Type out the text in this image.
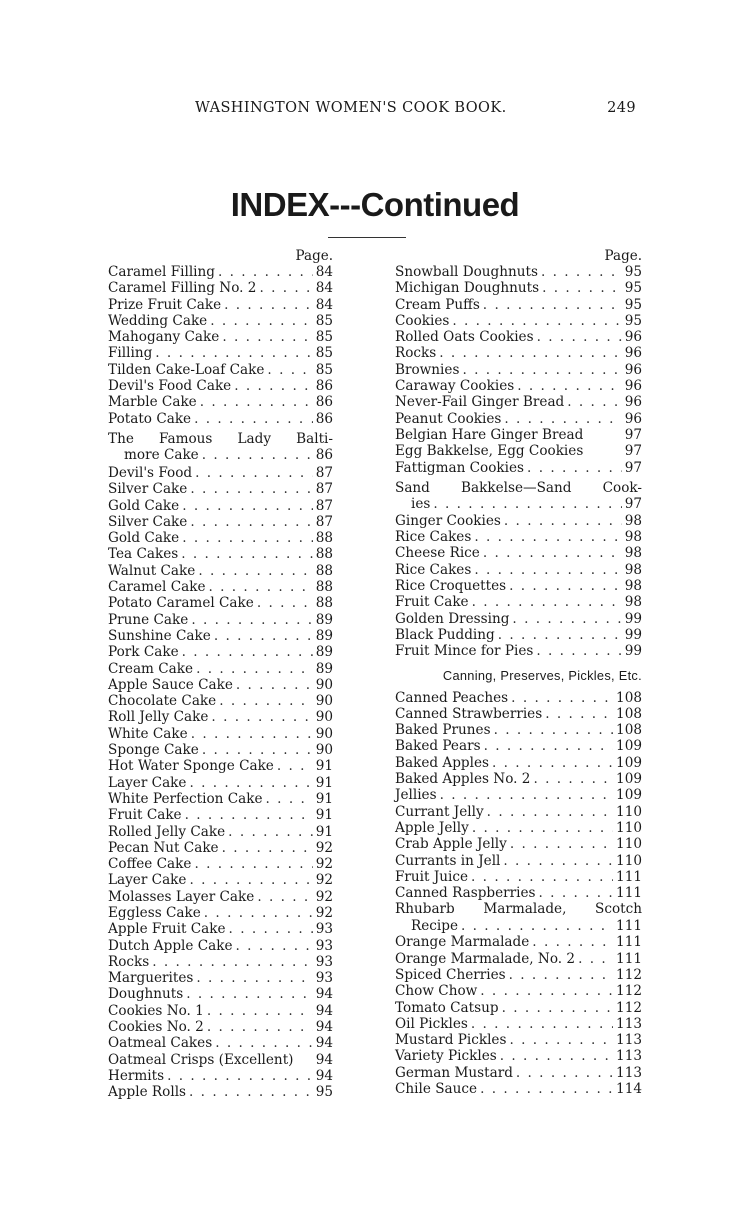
WASHINGTON WOMEN'S COOK BOOK.	249
INDEX---Continued
Page.
Caramel Filling . . .	84
Caramel Filling No. 2 . . .	84
Prize Fruit Cake . . .	84
Wedding Cake . . .	85
Mahogany Cake . . .	85
Filling . . .	85
Tilden Cake-Loaf Cake . . .	85
Devil's Food Cake . . .	86
Marble Cake . . .	86
Potato Cake . . .	86
The Famous Lady Balti-
more Cake . . .	86
Devil's Food . . .	87
Silver Cake . . .	87
Gold Cake . . .	87
Silver Cake . . .	87
Gold Cake . . .	88
Tea Cakes . . .	88
Walnut Cake . . .	88
Caramel Cake . . .	88
Potato Caramel Cake . . .	88
Prune Cake . . .	89
Sunshine Cake . . .	89
Pork Cake . . .	89
Cream Cake . . .	89
Apple Sauce Cake . . .	90
Chocolate Cake . . .	90
Roll Jelly Cake . . .	90
White Cake . . .	90
Sponge Cake . . .	90
Hot Water Sponge Cake . . .	91
Layer Cake . . .	91
White Perfection Cake . . .	91
Fruit Cake . . .	91
Rolled Jelly Cake . . .	91
Pecan Nut Cake . . .	92
Coffee Cake . . .	92
Layer Cake . . .	92
Molasses Layer Cake . . .	92
Eggless Cake . . .	92
Apple Fruit Cake . . .	93
Dutch Apple Cake . . .	93
Rocks . . .	93
Marguerites . . .	93
Doughnuts . . .	94
Cookies No. 1 . . .	94
Cookies No. 2 . . .	94
Oatmeal Cakes . . .	94
Oatmeal Crisps (Excellent) 94
Hermits . . .	94
Apple Rolls . . .	95
Page.
Snowball Doughnuts . . .	95
Michigan Doughnuts . . .	95
Cream Puffs . . .	95
Cookies . . .	95
Rolled Oats Cookies . . .	96
Rocks . . .	96
Brownies . . .	96
Caraway Cookies . . .	96
Never-Fail Ginger Bread . . .	96
Peanut Cookies . . .	96
Belgian Hare Ginger Bread	97
Egg Bakkelse, Egg Cookies	97
Fattigman Cookies . . .	97
Sand Bakkelse—Sand Cook-
ies . . .	97
Ginger Cookies . . .	98
Rice Cakes . . .	98
Cheese Rice . . .	98
Rice Cakes . . .	98
Rice Croquettes . . .	98
Fruit Cake . . .	98
Golden Dressing . . .	99
Black Pudding . . .	99
Fruit Mince for Pies . . .	99
Canning, Preserves, Pickles, Etc.
Canned Peaches . . .	108
Canned Strawberries . . .	108
Baked Prunes . . .	108
Baked Pears . . .	109
Baked Apples . . .	109
Baked Apples No. 2 . . .	109
Jellies . . .	109
Currant Jelly . . .	110
Apple Jelly . . .	110
Crab Apple Jelly . . .	110
Currants in Jell . . .	110
Fruit Juice . . .	111
Canned Raspberries . . .	111
Rhubarb Marmalade, Scotch
Recipe . . .	111
Orange Marmalade . . .	111
Orange Marmalade, No. 2 . . .	111
Spiced Cherries . . .	112
Chow Chow . . .	112
Tomato Catsup . . .	112
Oil Pickles . . .	113
Mustard Pickles . . .	113
Variety Pickles . . .	113
German Mustard . . .	113
Chile Sauce . . .	114
